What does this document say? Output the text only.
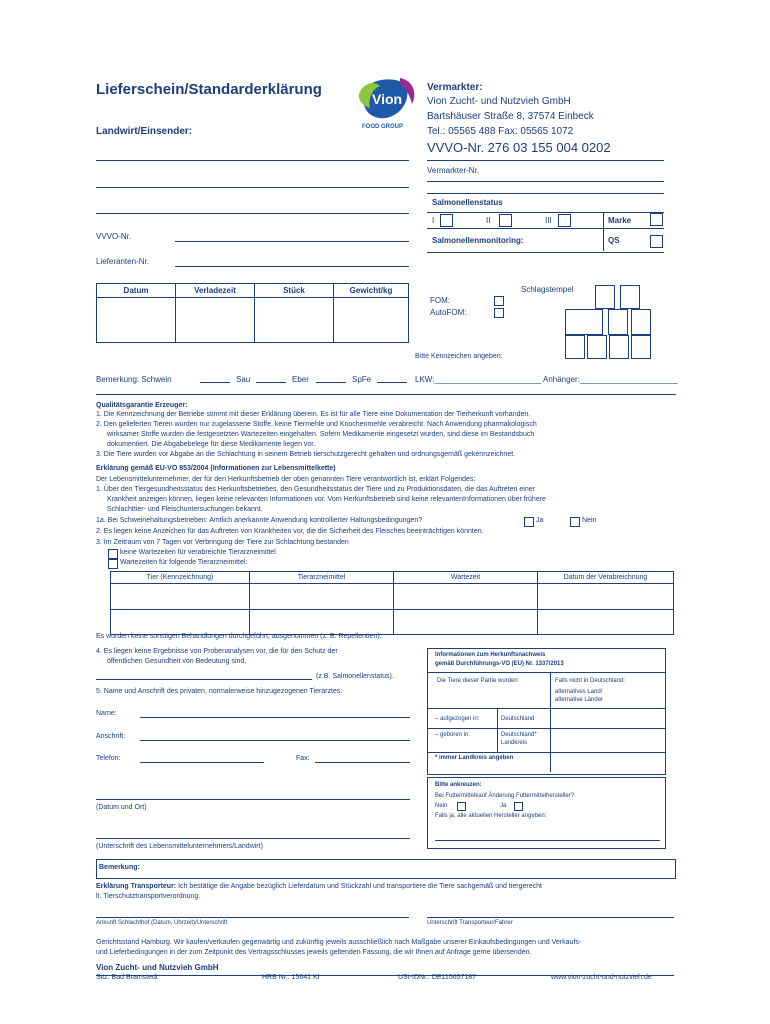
Lieferschein/Standarderklärung
Landwirt/Einsender:
Vion
FOOD GROUP
Vermarkter:
Vion Zucht- und Nutzvieh GmbH
Bartshäuser Straße 8, 37574 Einbeck
Tel.: 05565 488 Fax: 05565 1072
VVVO-Nr. 276 03 155 004 0202
Vermarkter-Nr.
VVVO-Nr.
Lieferanten-Nr.
Salmonellenstatus
I	II	III	Marke
Salmonellenmonitoring:	QS
Datum	Verladezeit	Stück	Gewicht/kg
				Schlagstempel
FOM:
AutoFOM:
Bitte Kennzeichen angeben:
Bemerkung: Schwein	Sau	Eber	SpFe	LKW:________________________ Anhänger:______________________
Qualitätsgarantie Erzeuger:
1. Die Kennzeichnung der Betriebe stimmt mit dieser Erklärung überein. Es ist für alle Tiere eine Dokumentation der Tierherkunft vorhanden.
2. Den gelieferten Tieren wurden nur zugelassene Stoffe, keine Tiermehle und Knochenmehle verabreicht. Nach Anwendung pharmakologisch
wirksamer Stoffe wurden die festgesetzten Wartezeiten eingehalten. Sofern Medikamente eingesetzt wurden, sind diese im Bestandsbuch
dokumentiert. Die Abgabebelege für diese Medikamente liegen vor.
3. Die Tiere wurden vor Abgabe an die Schlachtung in seinem Betrieb tierschutzgerecht gehalten und ordnungsgemäß gekennzeichnet.
Erklärung gemäß EU-VO 853/2004 (Informationen zur Lebensmittelkette)
Der Lebensmittelunternehmer, der für den Herkunftsbetrieb der oben genannten Tiere verantwortlich ist, erklärt Folgendes:
1. Über den Tiergesundheitsstatus des Herkunftsbetriebes, den Gesundheitsstatus der Tiere und zu Produktionsdaten, die das Auftreten einer
Krankheit anzeigen können, liegen keine relevanten Informationen vor. Vom Herkunftsbetrieb sind keine relevantenInformationen über frühere
Schlachttier- und Fleischuntersuchungen bekannt.
1a. Bei Schweinehaltungsbetrieben: Amtlich anerkannte Anwendung kontrollierter Haltungsbedingungen?	Ja	Nein
2. Es liegen keine Anzeichen für das Auftreten von Krankheiten vor, die die Sicherheit des Fleisches beeinträchtigen könnten.
3. Im Zeitraum von 7 Tagen vor Verbringung der Tiere zur Schlachtung bestanden
keine Wartezeiten für verabreichte Tierarzneimittel
Wartezeiten für folgende Tierarzneimittel:
Tier (Kennzeichnung)	Tierarzneimittel	Wartezeit	Datum der Verabreichnung

Es wurden keine sonstigen Behandlungen durchgeführt, ausgenommen (z. B. Repellentien).
4. Es liegen keine Ergebnisse von Probenanalysen vor, die für den Schutz der
öffentlichen Gesundheit von Bedeutung sind,
(z.B. Salmonellenstatus).
5. Name und Anschrift des privaten, normalerweise hinzugezogenen Tierarztes:
Name:
Anschrift:
Telefon:	Fax:
(Datum und Ort)
(Unterschrift des Lebensmittelunternehmers/Landwirt)
Informationen zum Herkunftsnachweis
gemäß Durchführungs-VO (EU) Nr. 1337/2013
Die Tiere dieser Partie wurden	Falls nicht in Deutschland:
alternatives Land/
alternative Länder
– aufgezogen in:	Deutschland
– geboren in:	Deutschland*
Landkreis
* immer Landkreis angeben
Bitte ankreuzen:
Bei Futtermittelkauf Änderung Futtermittelhersteller?
Nein	Ja
Falls ja, alle aktuellen Hersteller angeben:
Bemerkung:
Erklärung Transporteur: Ich bestätige die Angabe bezüglich Lieferdatum und Stückzahl und transportiere die Tiere sachgemäß und tiergerecht
lt. Tierschutztransportverordnung.
Ankunft Schlachthof (Datum, Uhrzeit)/Unterschrift	Unterschrift Transporteur/Fahrer
Gerichtsstand Hamburg. Wir kaufen/verkaufen gegenwärtig und zukünftig jeweils ausschließlich nach Maßgabe unserer Einkaufsbedingungen und Verkaufs-
und Lieferbedingungen in der zum Zeitpunkt des Vertragsschlusses jeweils geltenden Fassung, die wir Ihnen auf Anfrage gerne übersenden.
Vion Zucht- und Nutzvieh GmbH
Sitz: Bad Bramstedt	HRB Nr.: 15641 KI	USt-IDNr.: DE115657187	www.vion-zucht-und-nutzvieh.de
